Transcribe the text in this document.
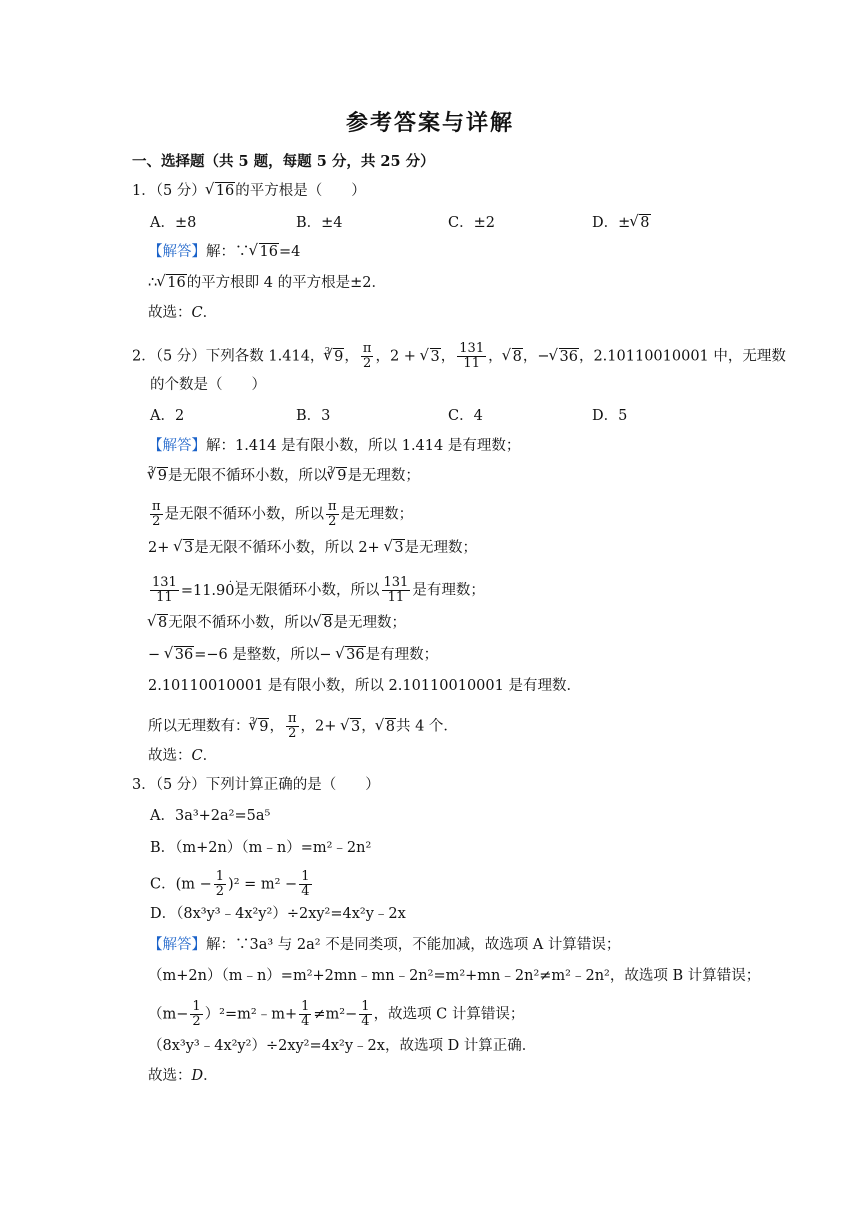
参考答案与详解
一、选择题（共 5 题，每题 5 分，共 25 分）
1．（5 分） √ 16的平方根是（　　）
A．±8	B．±4	C．±2	D．± √ 8
【解答】解：∵ √ 16=4
∴ √ 16的平方根即 4 的平方根是±2．
故选：C．
2．（5 分）下列各数 1.414，$^3$ √ 9， $\frac{\pi}{2}$ ，2 + √ 3， $\frac{131}{11}$ ， √ 8，− √ 36，2.10110010001 中，无理数
的个数是（　　）
A．2	B．3	C．4	D．5
【解答】解：1.414 是有限小数，所以 1.414 是有理数；
$^3$ √ 9是无限不循环小数，所以$^3$ √ 9是无理数；
$\frac{\pi}{2}$ 是无限不循环小数，所以 $\frac{\pi}{2}$ 是无理数；
2+ √ 3是无限不循环小数，所以 2+ √ 3是无理数；
$\frac{131}{11} =11.90$
· ·
是无限循环小数，所以 $\frac{131}{11}$ 是有理数；
√ 8无限不循环小数，所以 √ 8是无理数；
− √ 36=−6 是整数，所以− √ 36是有理数；
2.10110010001 是有限小数，所以 2.10110010001 是有理数．
所以无理数有：$^3$ √ 9， $\frac{\pi}{2}$ ，2+ √ 3， √ 8共 4 个．
故选：C．
3．（5 分）下列计算正确的是（　　）
A．3a³+2a²=5a⁵
B．（m+2n）（m﹣n）=m²﹣2n²
C．$(m - \frac{1}{2} )^2 = m^2 - \frac{1}{4}$
D．（8x³y³﹣4x²y²）÷2xy²=4x²y﹣2x
【解答】解：∵3a³ 与 2a² 不是同类项，不能加减，故选项 A 计算错误；
（m+2n）（m﹣n）=m²+2mn﹣mn﹣2n²=m²+mn﹣2n²≠m²﹣2n²，故选项 B 计算错误；
（$m- \frac{1}{2}$ ）²=m²﹣m+ $\frac{1}{4} \ne m^2- \frac{1}{4}$ ，故选项 C 计算错误；
（8x³y³﹣4x²y²）÷2xy²=4x²y﹣2x，故选项 D 计算正确．
故选：D．
